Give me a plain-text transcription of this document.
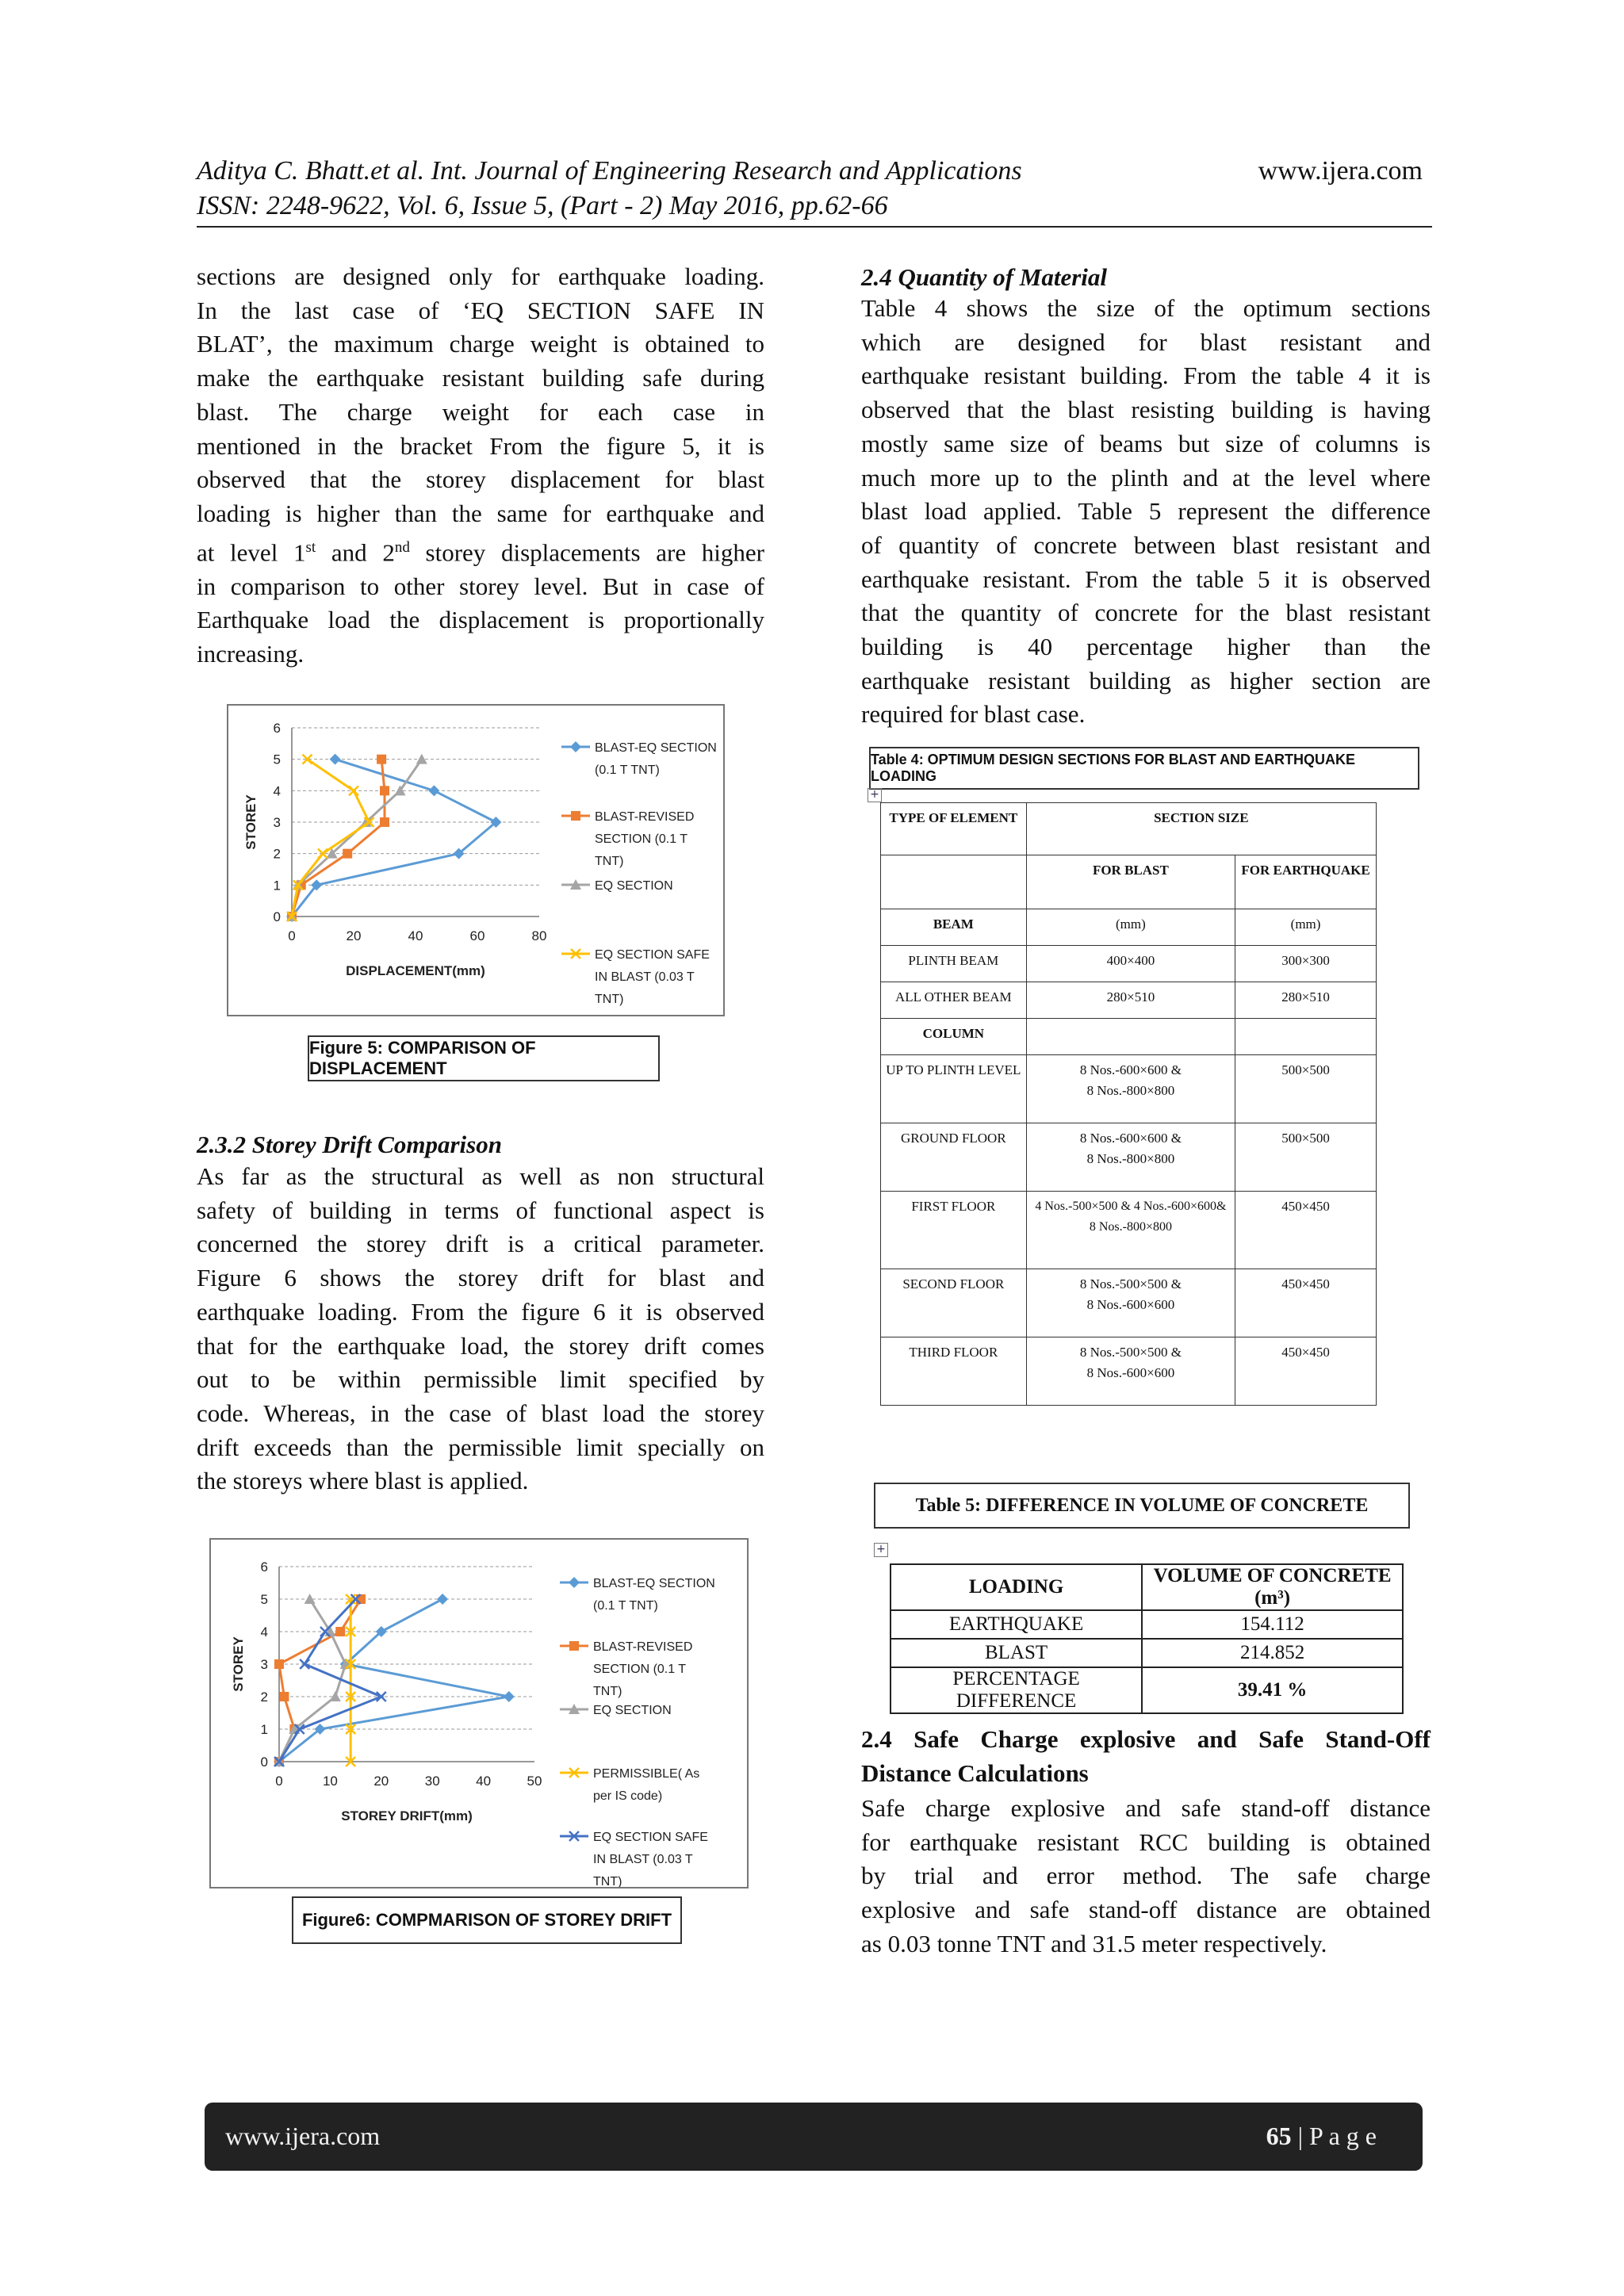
Aditya C. Bhatt.et al. Int. Journal of Engineering Research and Applications	www.ijera.com
ISSN: 2248-9622, Vol. 6, Issue 5, (Part - 2) May 2016, pp.62-66
sections are designed only for earthquake loading.
In the last case of ‘EQ SECTION SAFE IN
BLAT’, the maximum charge weight is obtained to
make the earthquake resistant building safe during
blast. The charge weight for each case in
mentioned in the bracket From the figure 5, it is
observed that the storey displacement for blast
loading is higher than the same for earthquake and
at level 1st and 2nd storey displacements are higher
in comparison to other storey level. But in case of
Earthquake load the displacement is proportionally
increasing.
0
1
2
3
4
5
6
0	20	40	60	80
DISPLACEMENT(mm)
STOREY
BLAST-EQ SECTION (0.1 T TNT)
BLAST-REVISED SECTION (0.1 T TNT)
EQ SECTION
EQ SECTION SAFE IN BLAST (0.03 T TNT)
Figure 5: COMPARISON OF DISPLACEMENT
2.3.2 Storey Drift Comparison
As far as the structural as well as non structural
safety of building in terms of functional aspect is
concerned the storey drift is a critical parameter.
Figure 6 shows the storey drift for blast and
earthquake loading. From the figure 6 it is observed
that for the earthquake load, the storey drift comes
out to be within permissible limit specified by
code. Whereas, in the case of blast load the storey
drift exceeds than the permissible limit specially on
the storeys where blast is applied.
0
1
2
3
4
5
6
0	10	20	30	40	50
STOREY DRIFT(mm)
STOREY
BLAST-EQ SECTION (0.1 T TNT)
BLAST-REVISED SECTION (0.1 T TNT)
EQ SECTION
PERMISSIBLE( As per IS code)
EQ SECTION SAFE IN BLAST (0.03 T TNT)
Figure6: COMPMARISON OF STOREY DRIFT
2.4 Quantity of Material
Table 4 shows the size of the optimum sections
which are designed for blast resistant and
earthquake resistant building. From the table 4 it is
observed that the blast resisting building is having
mostly same size of beams but size of columns is
much more up to the plinth and at the level where
blast load applied. Table 5 represent the difference
of quantity of concrete between blast resistant and
earthquake resistant. From the table 5 it is observed
that the quantity of concrete for the blast resistant
building is 40 percentage higher than the
earthquake resistant building as higher section are
required for blast case.
Table 4: OPTIMUM DESIGN SECTIONS FOR BLAST AND EARTHQUAKE LOADING
+
TYPE OF ELEMENT	SECTION SIZE	
	FOR BLAST	FOR EARTHQUAKE
BEAM	(mm)	(mm)
PLINTH BEAM	400×400	300×300
ALL OTHER BEAM	280×510	280×510
COLUMN		
UP TO PLINTH LEVEL	8 Nos.-600×600 &
8 Nos.-800×800	500×500
GROUND FLOOR	8 Nos.-600×600 &
8 Nos.-800×800	500×500
FIRST FLOOR	4 Nos.-500×500 & 4 Nos.-600×600&
8 Nos.-800×800	450×450
SECOND FLOOR	8 Nos.-500×500 &
8 Nos.-600×600	450×450
THIRD FLOOR	8 Nos.-500×500 &
8 Nos.-600×600	450×450
Table 5: DIFFERENCE IN VOLUME OF CONCRETE
+
LOADING	VOLUME OF CONCRETE (m³)
EARTHQUAKE	154.112
BLAST	214.852
PERCENTAGE DIFFERENCE	39.41 %
2.4 Safe Charge explosive and Safe Stand-Off
Distance Calculations
Safe charge explosive and safe stand-off distance
for earthquake resistant RCC building is obtained
by trial and error method. The safe charge
explosive and safe stand-off distance are obtained
as 0.03 tonne TNT and 31.5 meter respectively.
www.ijera.com	65 | P a g e
